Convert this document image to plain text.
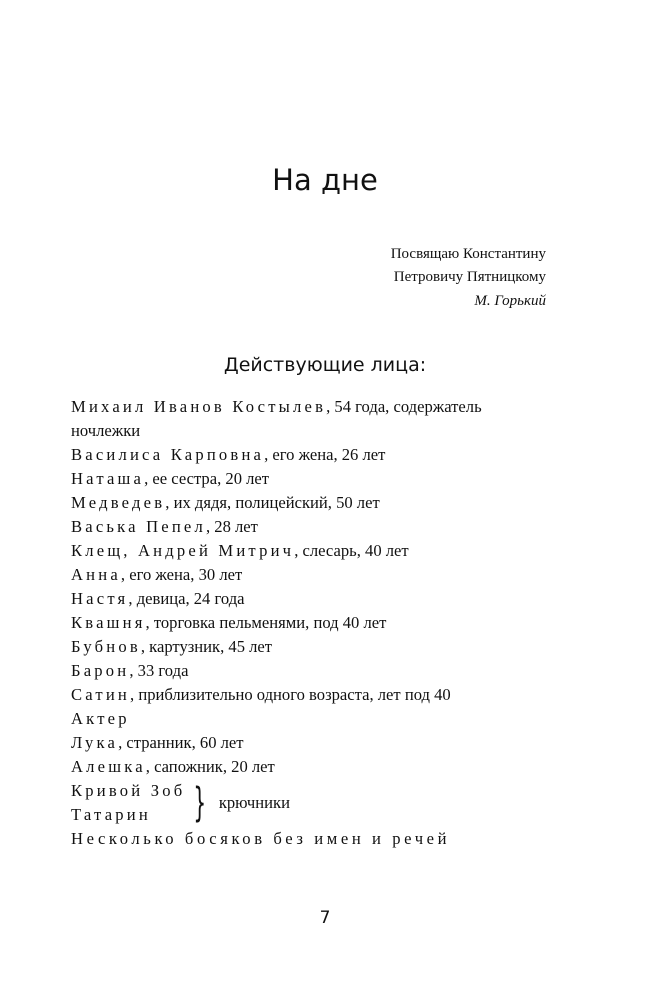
На дне
Посвящаю Константину
Петровичу Пятницкому
М. Горький
Действующие лица:
Михаил Иванов Костылев, 54 года, содержатель
ночлежки
Василиса Карповна, его жена, 26 лет
Наташа, ее сестра, 20 лет
Медведев, их дядя, полицейский, 50 лет
Васька Пепел, 28 лет
Клещ, Андрей Митрич, слесарь, 40 лет
Анна, его жена, 30 лет
Настя, девица, 24 года
Квашня, торговка пельменями, под 40 лет
Бубнов, картузник, 45 лет
Барон, 33 года
Сатин, приблизительно одного возраста, лет под 40
Актер
Лука, странник, 60 лет
Алешка, сапожник, 20 лет
Кривой Зоб
Татарин	} крючники
Несколько босяков без имен и речей
7
